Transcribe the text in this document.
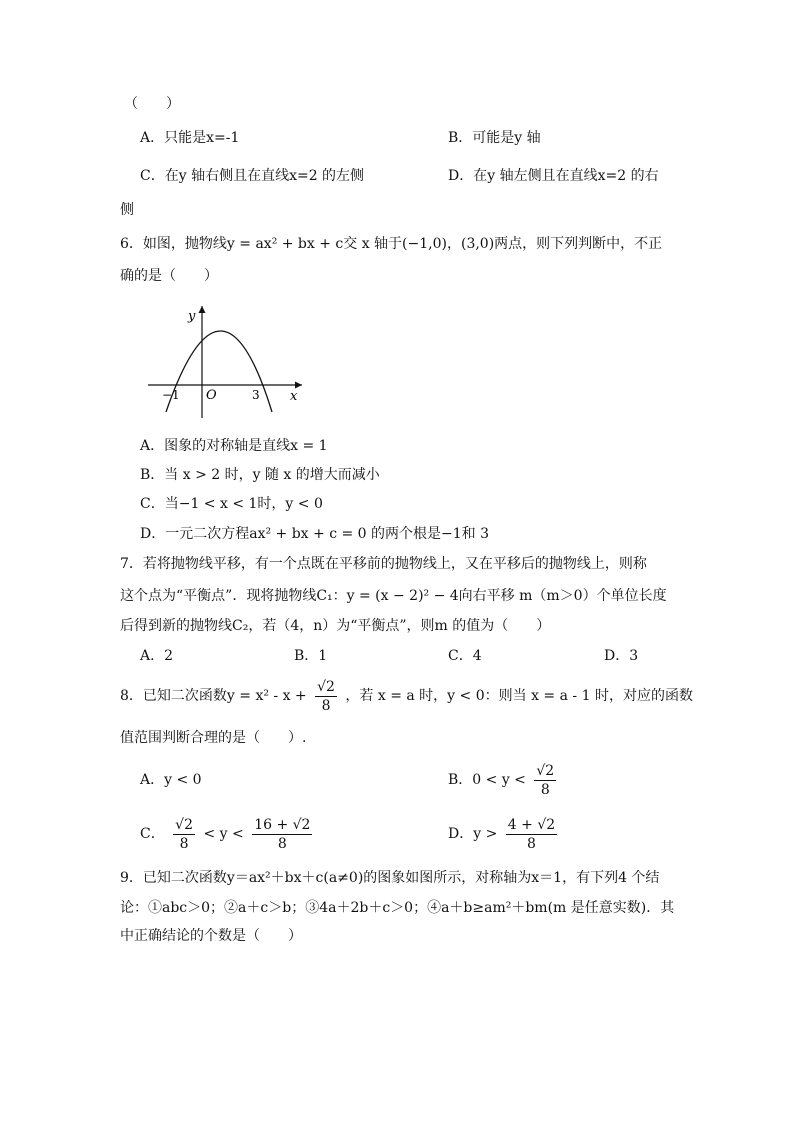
（　　）
A．只能是x=-1	B．可能是y 轴
C．在y 轴右侧且在直线x=2 的左侧	D．在y 轴左侧且在直线x=2 的右
侧
6．如图，抛物线y = ax² + bx + c交 x 轴于(−1,0)，(3,0)两点，则下列判断中，不正
确的是（　　）
y
x
O
−1	3
A．图象的对称轴是直线x = 1
B．当 x > 2 时，y 随 x 的增大而减小
C．当−1 < x < 1时，y < 0
D．一元二次方程ax² + bx + c = 0 的两个根是−1和 3
7．若将抛物线平移，有一个点既在平移前的抛物线上，又在平移后的抛物线上，则称
这个点为“平衡点”．现将抛物线C₁：y = (x − 2)² − 4向右平移 m（m＞0）个单位长度
后得到新的抛物线C₂，若（4，n）为“平衡点”，则m 的值为（　　）
A．2	B．1	C．4	D．3
8．已知二次函数$y = x^2 - x + \frac{√2}{8}$ ，若 x = a 时，y < 0：则当 x = a - 1 时，对应的函数
值范围判断合理的是（　　）.
A．y < 0	B．$0 < y < \frac{√2}{8}$
C． $\frac{√2}{8} < y < \frac{16 + √2}{8}$	D．$y > \frac{4 + √2}{8}$
9．已知二次函数y＝ax²＋bx＋c(a≠0)的图象如图所示，对称轴为x＝1，有下列4 个结
论：①abc＞0；②a＋c＞b；③4a＋2b＋c＞0；④a＋b≥am²＋bm(m 是任意实数)．其
中正确结论的个数是（　　）
